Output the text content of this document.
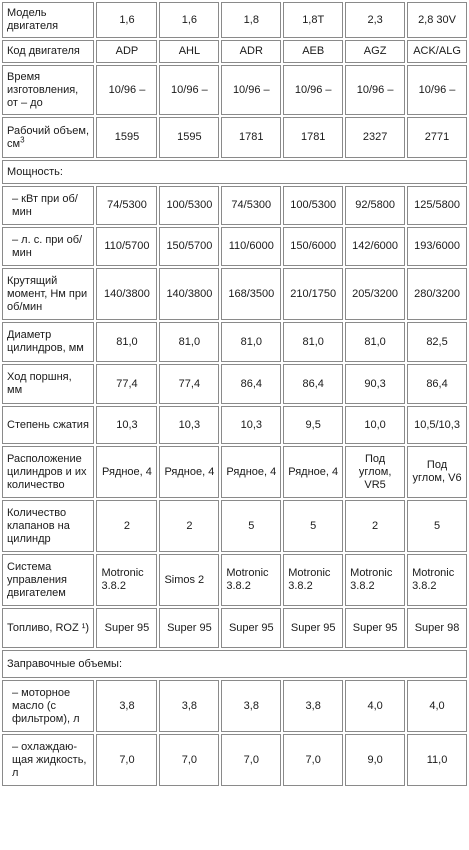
Модель двигателя	1,6	1,6	1,8	1,8T	2,3	2,8 30V
Код двигателя	ADP	AHL	ADR	AEB	AGZ	ACK/ALG
Время изготовления, от – до	10/96 –	10/96 –	10/96 –	10/96 –	10/96 –	10/96 –
Рабочий объем, $см^3$	1595	1595	1781	1781	2327	2771
Мощность:						
– кВт при об/мин	74/5300	100/5300	74/5300	100/5300	92/5800	125/5800
– л. с. при об/мин	110/5700	150/5700	110/6000	150/6000	142/6000	193/6000
Крутящий момент, Нм при об/мин	140/3800	140/3800	168/3500	210/1750	205/3200	280/3200
Диаметр цилиндров, мм	81,0	81,0	81,0	81,0	81,0	82,5
Ход поршня, мм	77,4	77,4	86,4	86,4	90,3	86,4
Степень сжатия	10,3	10,3	10,3	9,5	10,0	10,5/10,3
Расположение цилиндров и их количество	Рядное, 4	Рядное, 4	Рядное, 4	Рядное, 4	Под углом, VR5	Под углом, V6
Количество клапанов на цилиндр	2	2	5	5	2	5
Система управления двигателем	Motronic 3.8.2	Simos 2	Motronic 3.8.2	Motronic 3.8.2	Motronic 3.8.2	Motronic 3.8.2
Топливо, ROZ ¹)	Super 95	Super 95	Super 95	Super 95	Super 95	Super 98
Заправочные объемы:						
– моторное масло (с фильтром), л	3,8	3,8	3,8	3,8	4,0	4,0
– охлаждаю-щая жидкость, л	7,0	7,0	7,0	7,0	9,0	11,0
